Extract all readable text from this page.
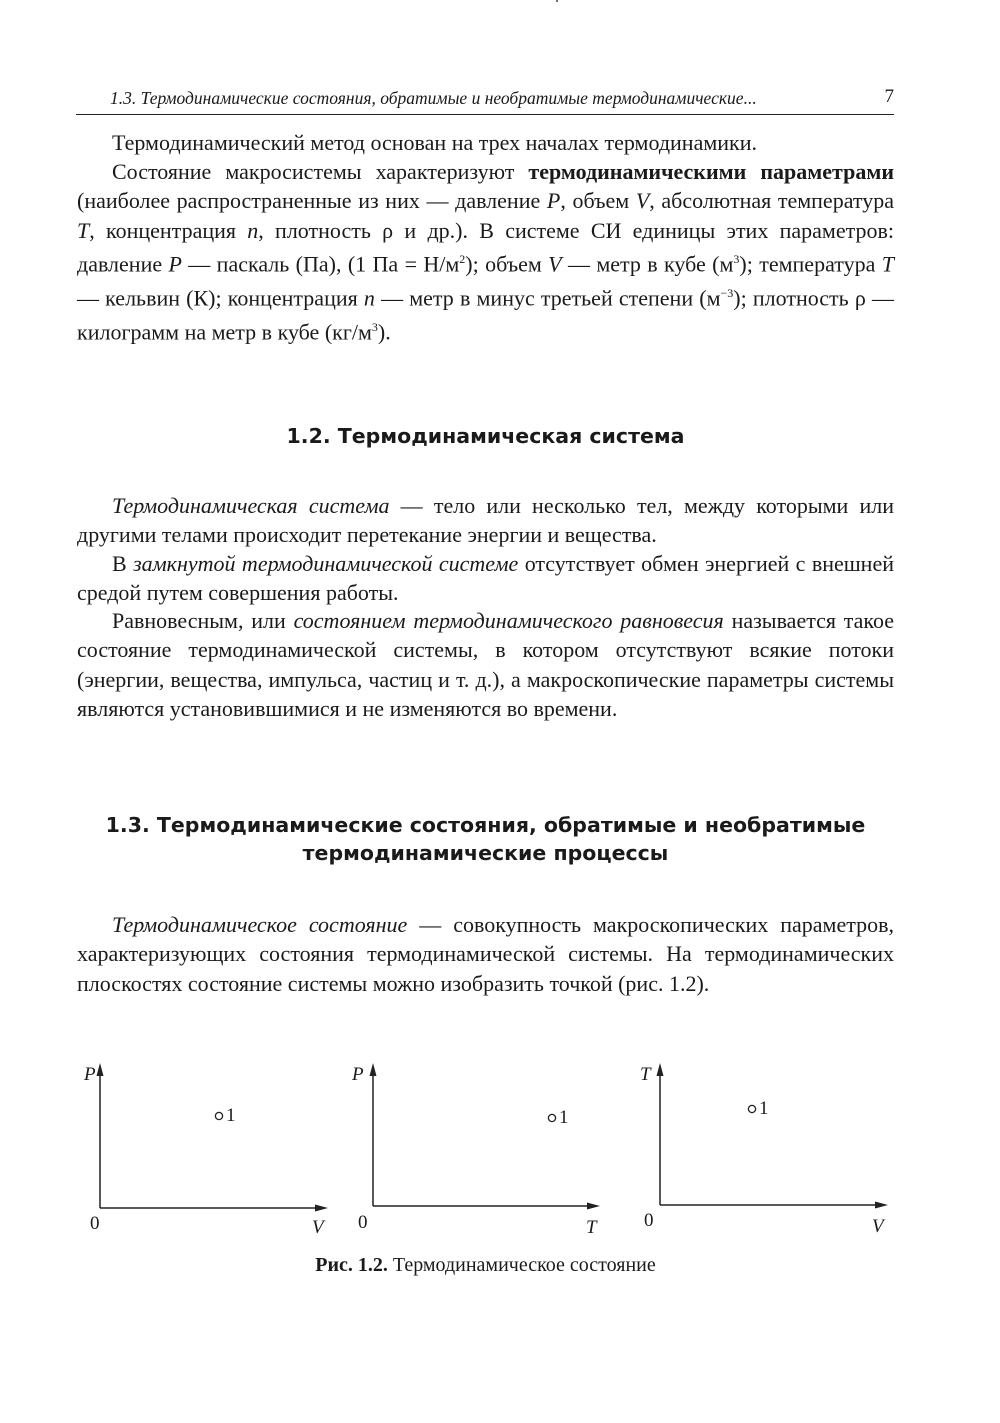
1.3. Термодинамические состояния, обратимые и необратимые термодинамические...	7

Термодинамический метод основан на трех началах термодинамики.

Состояние макросистемы характеризуют термодинамическими параметрами (наиболее распространенные из них — давление P, объем V, абсолютная температура T, концентрация n, плотность ρ и др.). В системе СИ единицы этих параметров: давление P — паскаль (Па), (1 Па = $Н/м^2$); объем V — метр в кубе $(м^3)$; температура T — кельвин (К); концентрация n — метр в минус третьей степени $(м^{-3})$; плотность ρ — килограмм на метр в кубе $(кг/м^3)$.

1.2. Термодинамическая система

Термодинамическая система — тело или несколько тел, между которыми или другими телами происходит перетекание энергии и вещества.

В замкнутой термодинамической системе отсутствует обмен энергией с внешней средой путем совершения работы.

Равновесным, или состоянием термодинамического равновесия называется такое состояние термодинамической системы, в котором отсутствуют всякие потоки (энергии, вещества, импульса, частиц и т. д.), а макроскопические параметры системы являются установившимися и не изменяются во времени.

1.3. Термодинамические состояния, обратимые и необратимые
термодинамические процессы

Термодинамическое состояние — совокупность макроскопических параметров, характеризующих состояния термодинамической системы. На термодинамических плоскостях состояние системы можно изобразить точкой (рис. 1.2).

P
0	V
1
P
0	T
1
T
0	V
1
Рис. 1.2. Термодинамическое состояние
